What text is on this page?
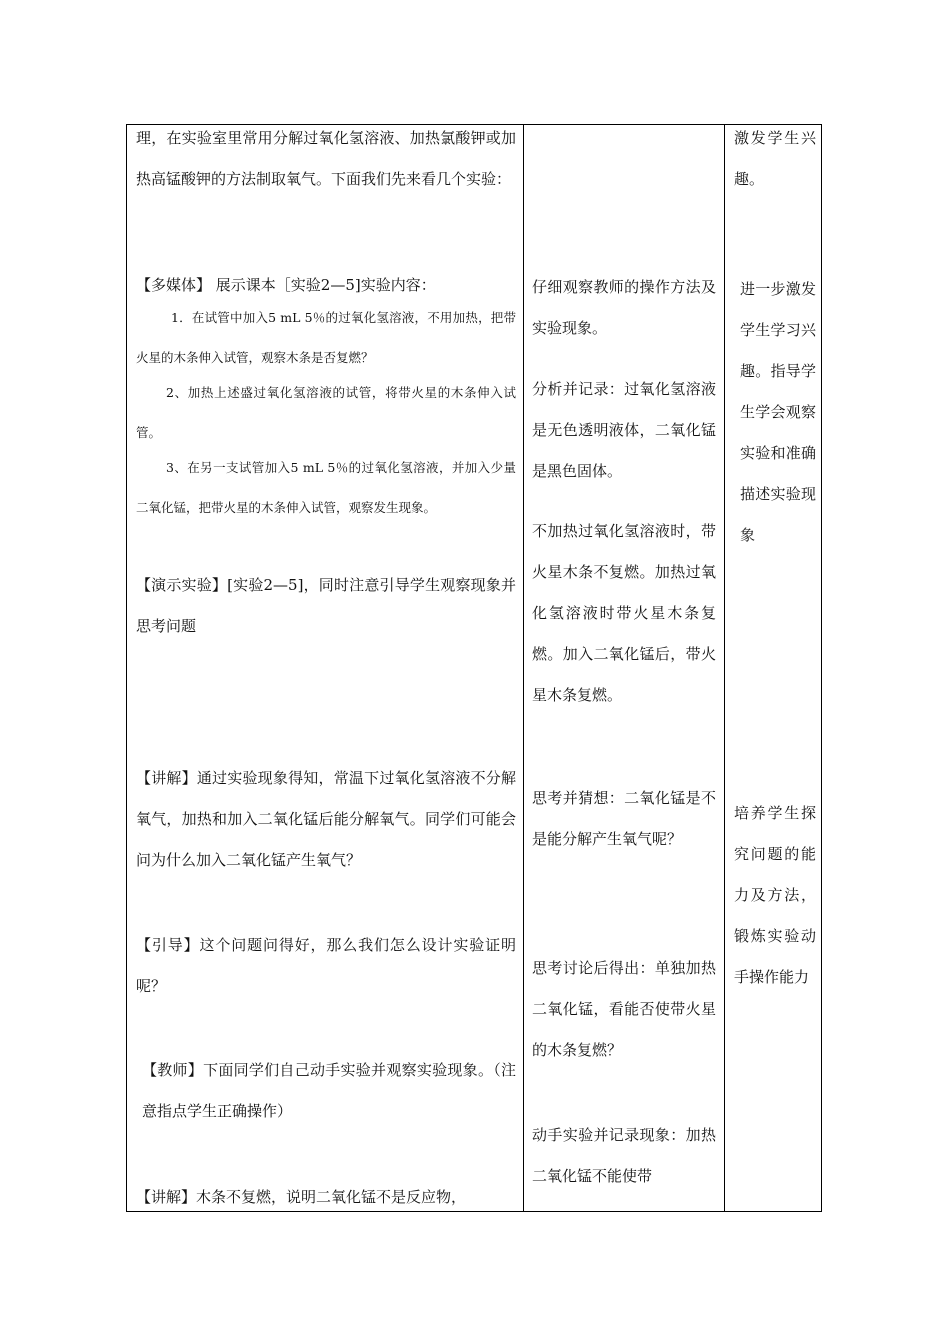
理，在实验室里常用分解过氧化氢溶液、加热氯酸钾或加热高锰酸钾的方法制取氧气。下面我们先来看几个实验：

【多媒体】 展示课本［实验2—5]实验内容：

1．在试管中加入5 mL 5％的过氧化氢溶液，不用加热，把带火星的木条伸入试管，观察木条是否复燃？

2、加热上述盛过氧化氢溶液的试管，将带火星的木条伸入试管。

3、在另一支试管加入5 mL 5％的过氧化氢溶液，并加入少量二氧化锰，把带火星的木条伸入试管，观察发生现象。

【演示实验】[实验2—5]，同时注意引导学生观察现象并思考问题

【讲解】通过实验现象得知，常温下过氧化氢溶液不分解氧气，加热和加入二氧化锰后能分解氧气。同学们可能会问为什么加入二氧化锰产生氧气？

【引导】这个问题问得好，那么我们怎么设计实验证明呢？

【教师】下面同学们自己动手实验并观察实验现象。（注意指点学生正确操作）

【讲解】木条不复燃，说明二氧化锰不是反应物，

仔细观察教师的操作方法及实验现象。

分析并记录：过氧化氢溶液是无色透明液体，二氧化锰是黑色固体。

不加热过氧化氢溶液时，带火星木条不复燃。加热过氧化氢溶液时带火星木条复燃。加入二氧化锰后，带火星木条复燃。

思考并猜想：二氧化锰是不是能分解产生氧气呢？

思考讨论后得出：单独加热二氧化锰，看能否使带火星的木条复燃？

动手实验并记录现象：加热二氧化锰不能使带

激发学生兴趣。

进一步激发学生学习兴趣。指导学生学会观察实验和准确描述实验现象

培养学生探究问题的能力及方法，锻炼实验动手操作能力
